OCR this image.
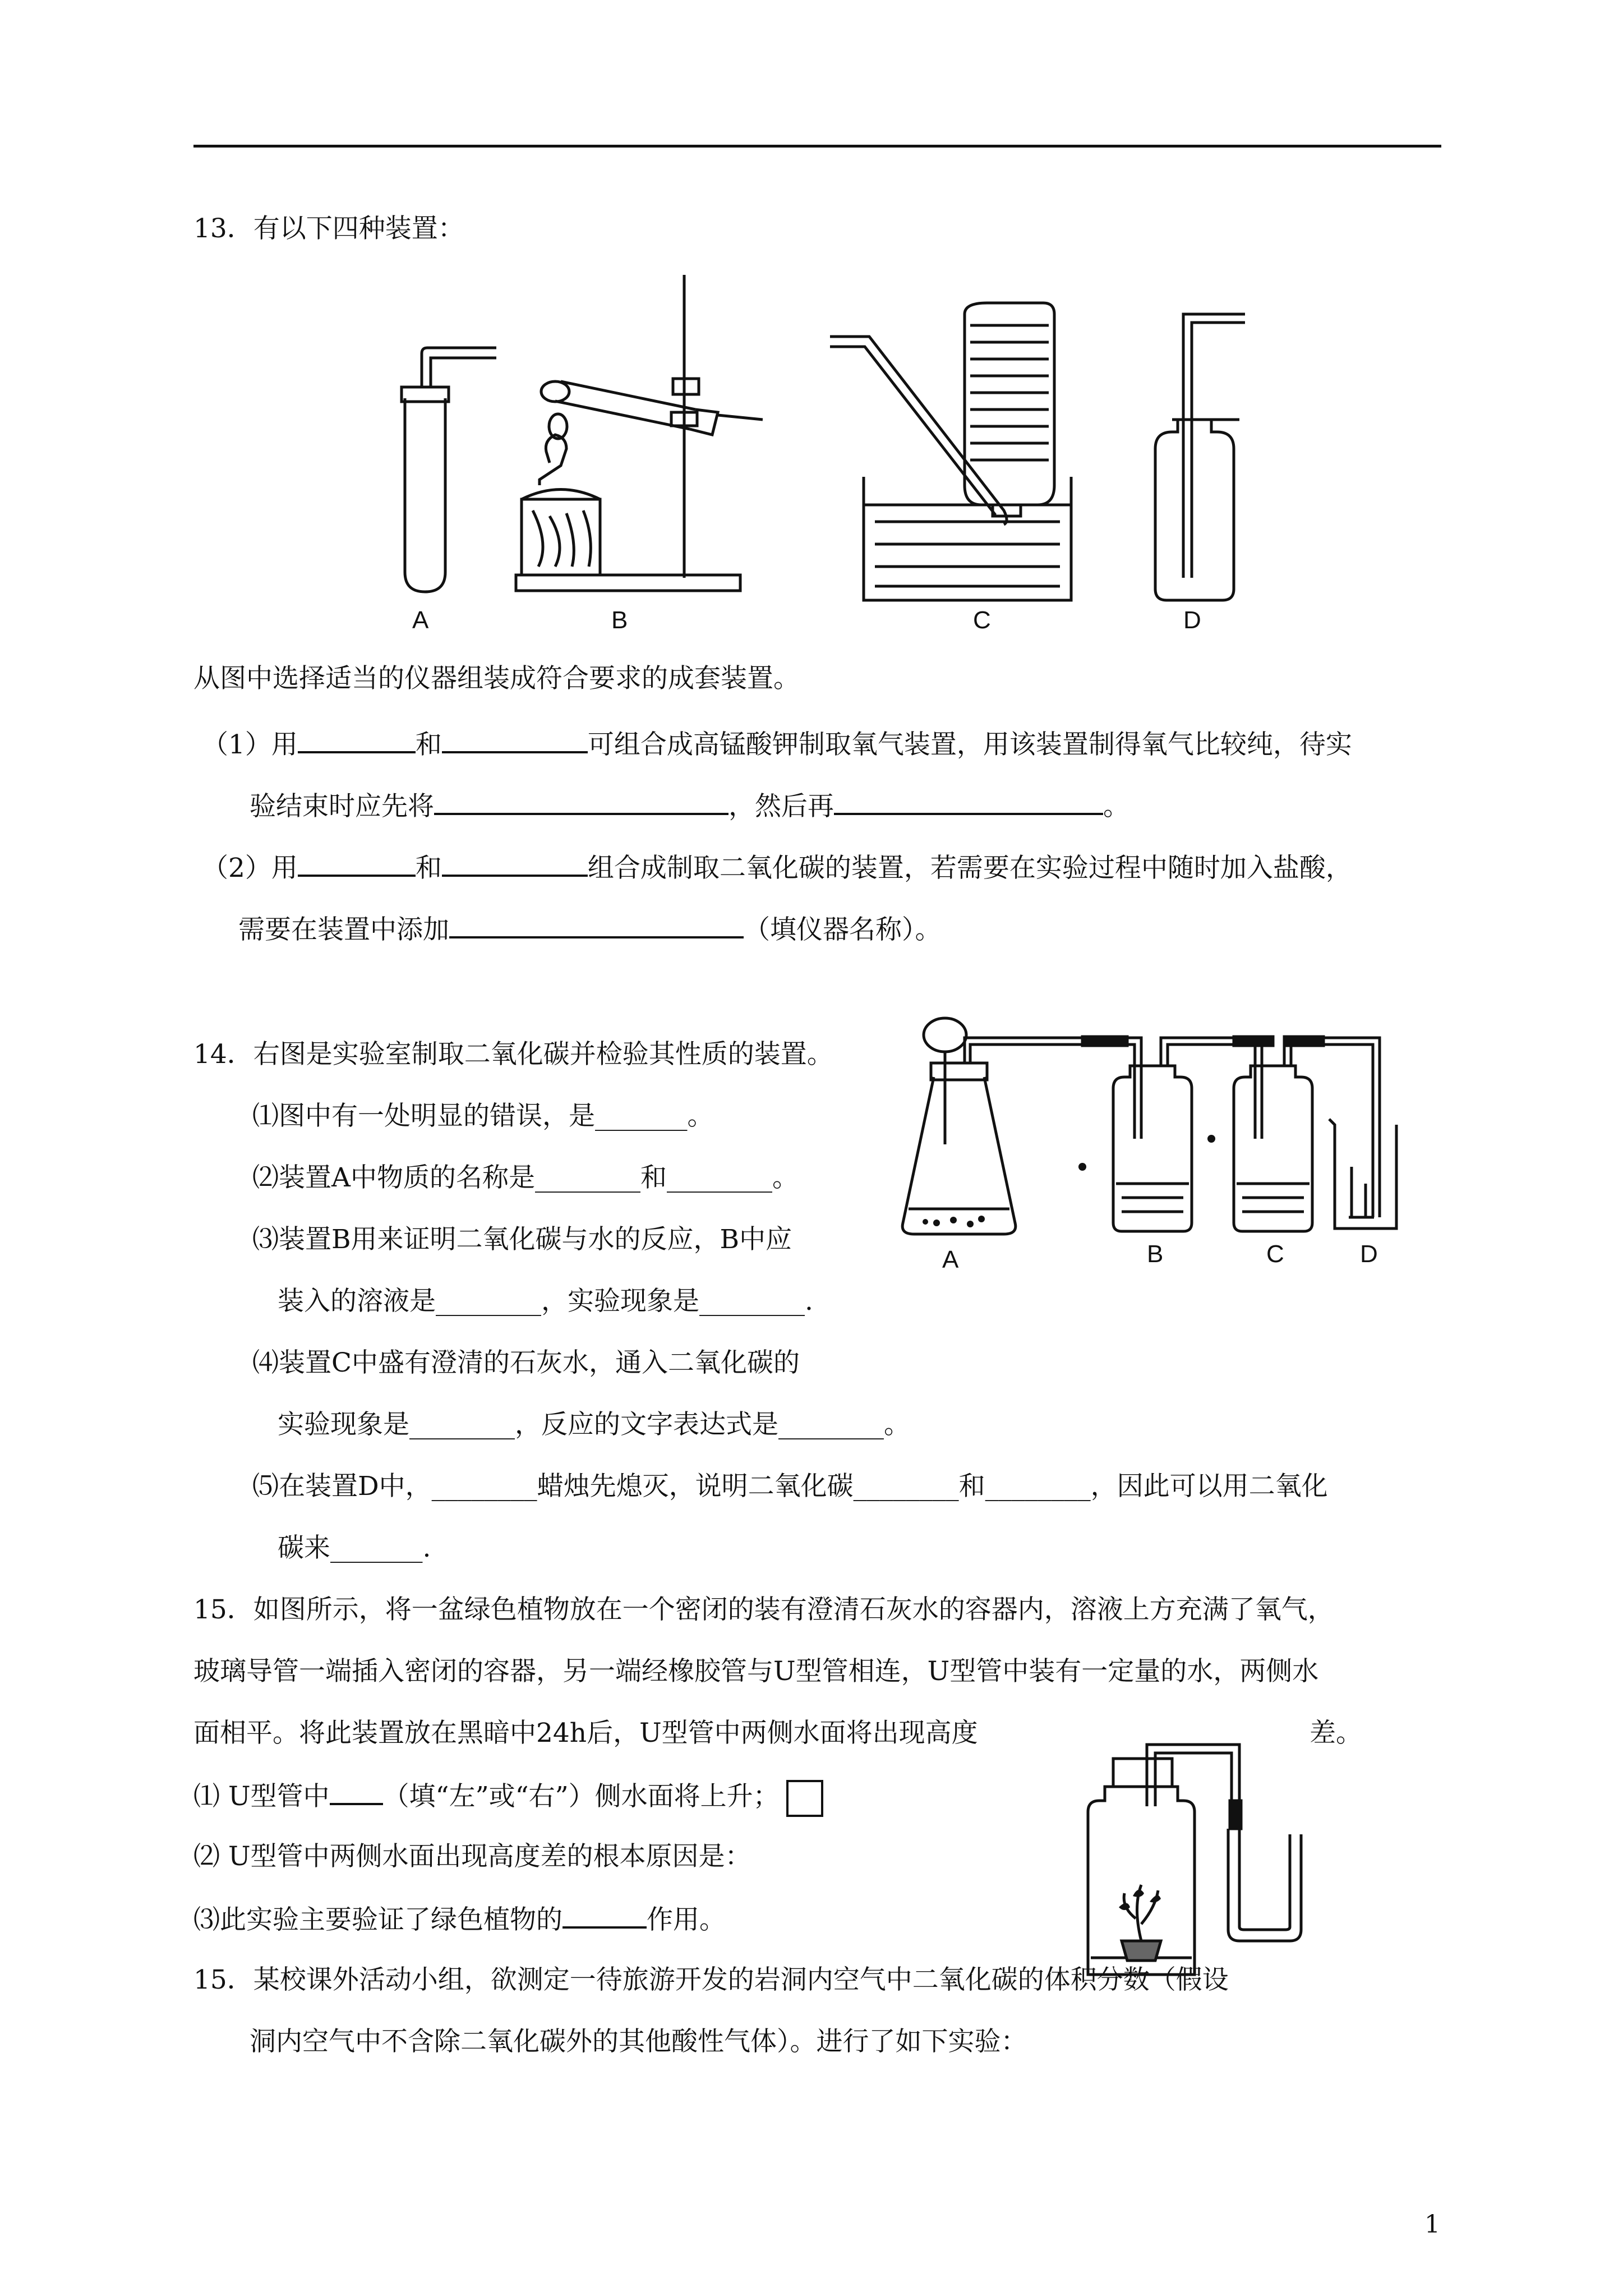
13．有以下四种装置：
A	B	C	D
从图中选择适当的仪器组装成符合要求的成套装置。
（1）用	和	可组合成高锰酸钾制取氧气装置，用该装置制得氧气比较纯，待实
验结束时应先将	，然后再	。
（2）用	和	组合成制取二氧化碳的装置，若需要在实验过程中随时加入盐酸，
需要在装置中添加	（填仪器名称）。
14．右图是实验室制取二氧化碳并检验其性质的装置。
⑴图中有一处明显的错误，是_______。
⑵装置A中物质的名称是________和________。
⑶装置B用来证明二氧化碳与水的反应，B中应
装入的溶液是________，实验现象是________.
⑷装置C中盛有澄清的石灰水，通入二氧化碳的
实验现象是________，反应的文字表达式是________。
⑸在装置D中，________蜡烛先熄灭，说明二氧化碳________和________，因此可以用二氧化
碳来_______.
A	B	C	D
15．如图所示，将一盆绿色植物放在一个密闭的装有澄清石灰水的容器内，溶液上方充满了氧气，
玻璃导管一端插入密闭的容器，另一端经橡胶管与U型管相连，U型管中装有一定量的水，两侧水
面相平。将此装置放在黑暗中24h后，U型管中两侧水面将出现高度	差。
⑴ U型管中 （填“左”或“右”）侧水面将上升；
⑵ U型管中两侧水面出现高度差的根本原因是：
⑶此实验主要验证了绿色植物的	作用。
15．某校课外活动小组，欲测定一待旅游开发的岩洞内空气中二氧化碳的体积分数（假设
洞内空气中不含除二氧化碳外的其他酸性气体）。进行了如下实验：
1
